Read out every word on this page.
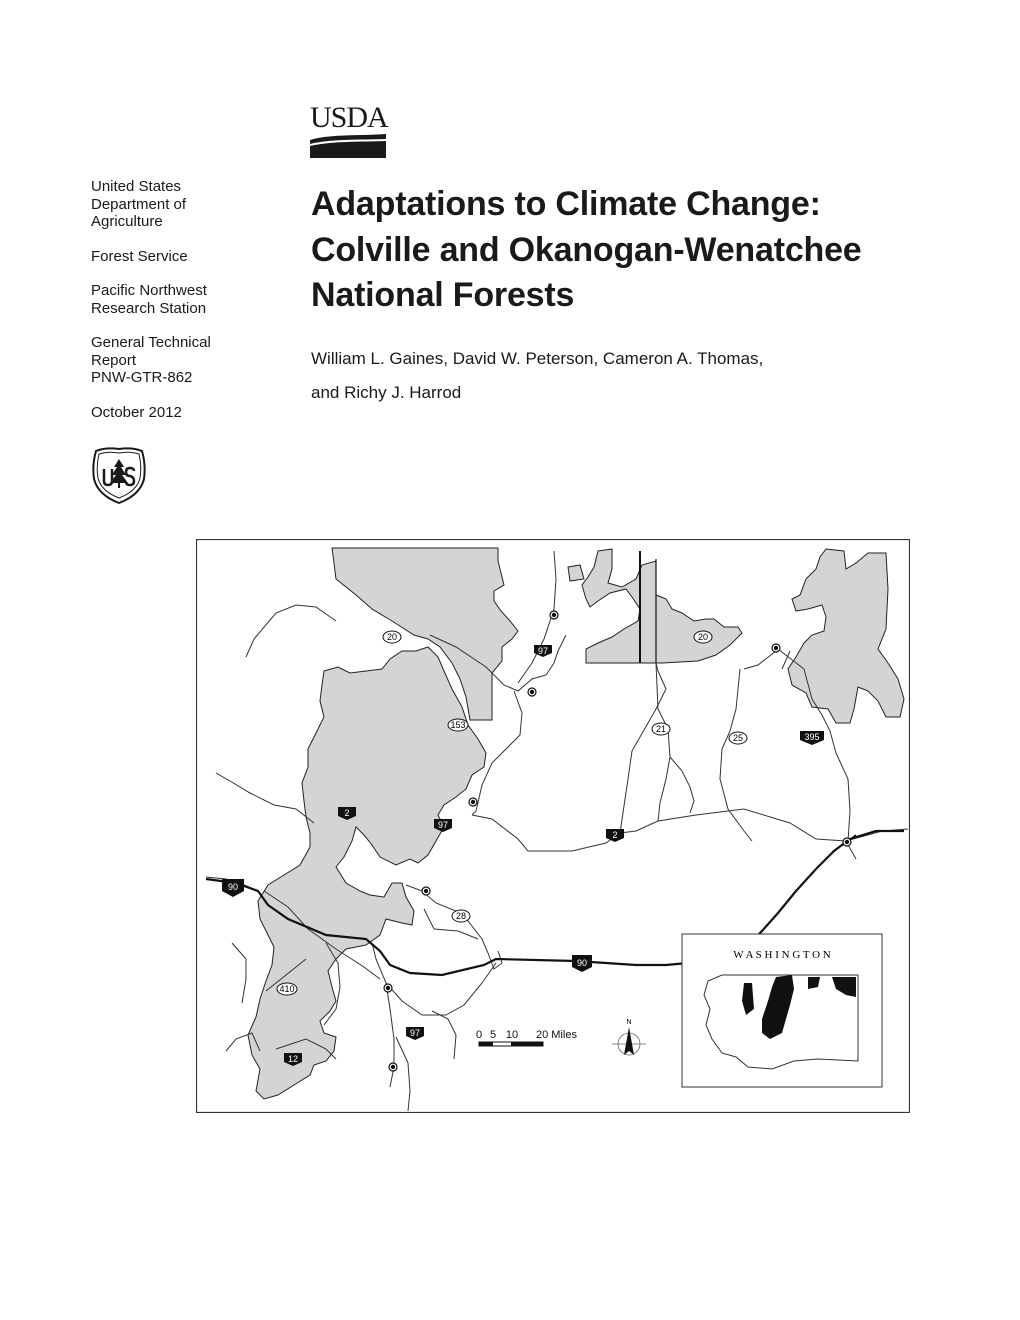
USDA
United States
Department of
Agriculture
Forest Service
Pacific Northwest
Research Station
General Technical
Report
PNW-GTR-862
October 2012
Adaptations to Climate Change:
Colville and Okanogan-Wenatchee
National Forests
William L. Gaines, David W. Peterson, Cameron A. Thomas,
and Richy J. Harrod
20
97
20
153	21
25	395
2
97
2
90
28
90
410
97
12
0 5 10 20 Miles
N
W A S H I N G T O N
